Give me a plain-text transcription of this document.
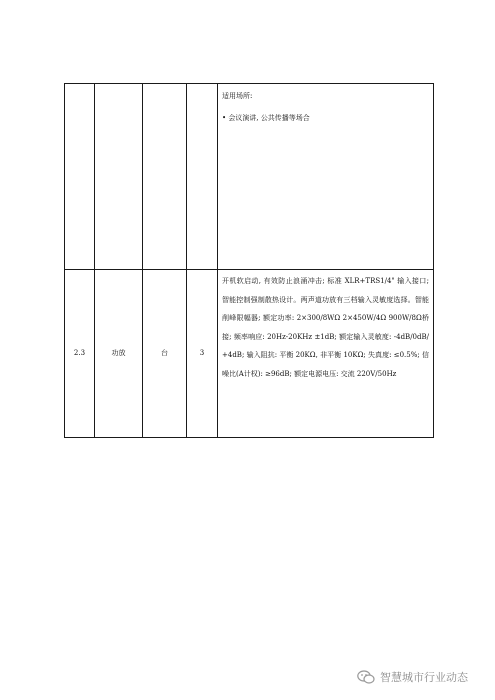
				适用场所:
• 会议演讲, 公共传播等场合

2.3	功放	台	3	开机软启动, 有效防止浪涌冲击; 标准 XLR+TRS1/4" 输入接口; 智能控制强制散热设计。两声道功放有三档输入灵敏度选择。智能削峰限幅器; 额定功率: 2×300/8WΩ 2×450W/4Ω 900W/8Ω桥接; 频率响应: 20Hz-20KHz ±1dB; 额定输入灵敏度: -4dB/0dB/+4dB; 输入阻抗: 平衡 20KΩ, 非平衡 10KΩ; 失真度: ≤0.5%; 信噪比(A计权): ≥96dB; 额定电源电压: 交流 220V/50Hz
智慧城市行业动态
